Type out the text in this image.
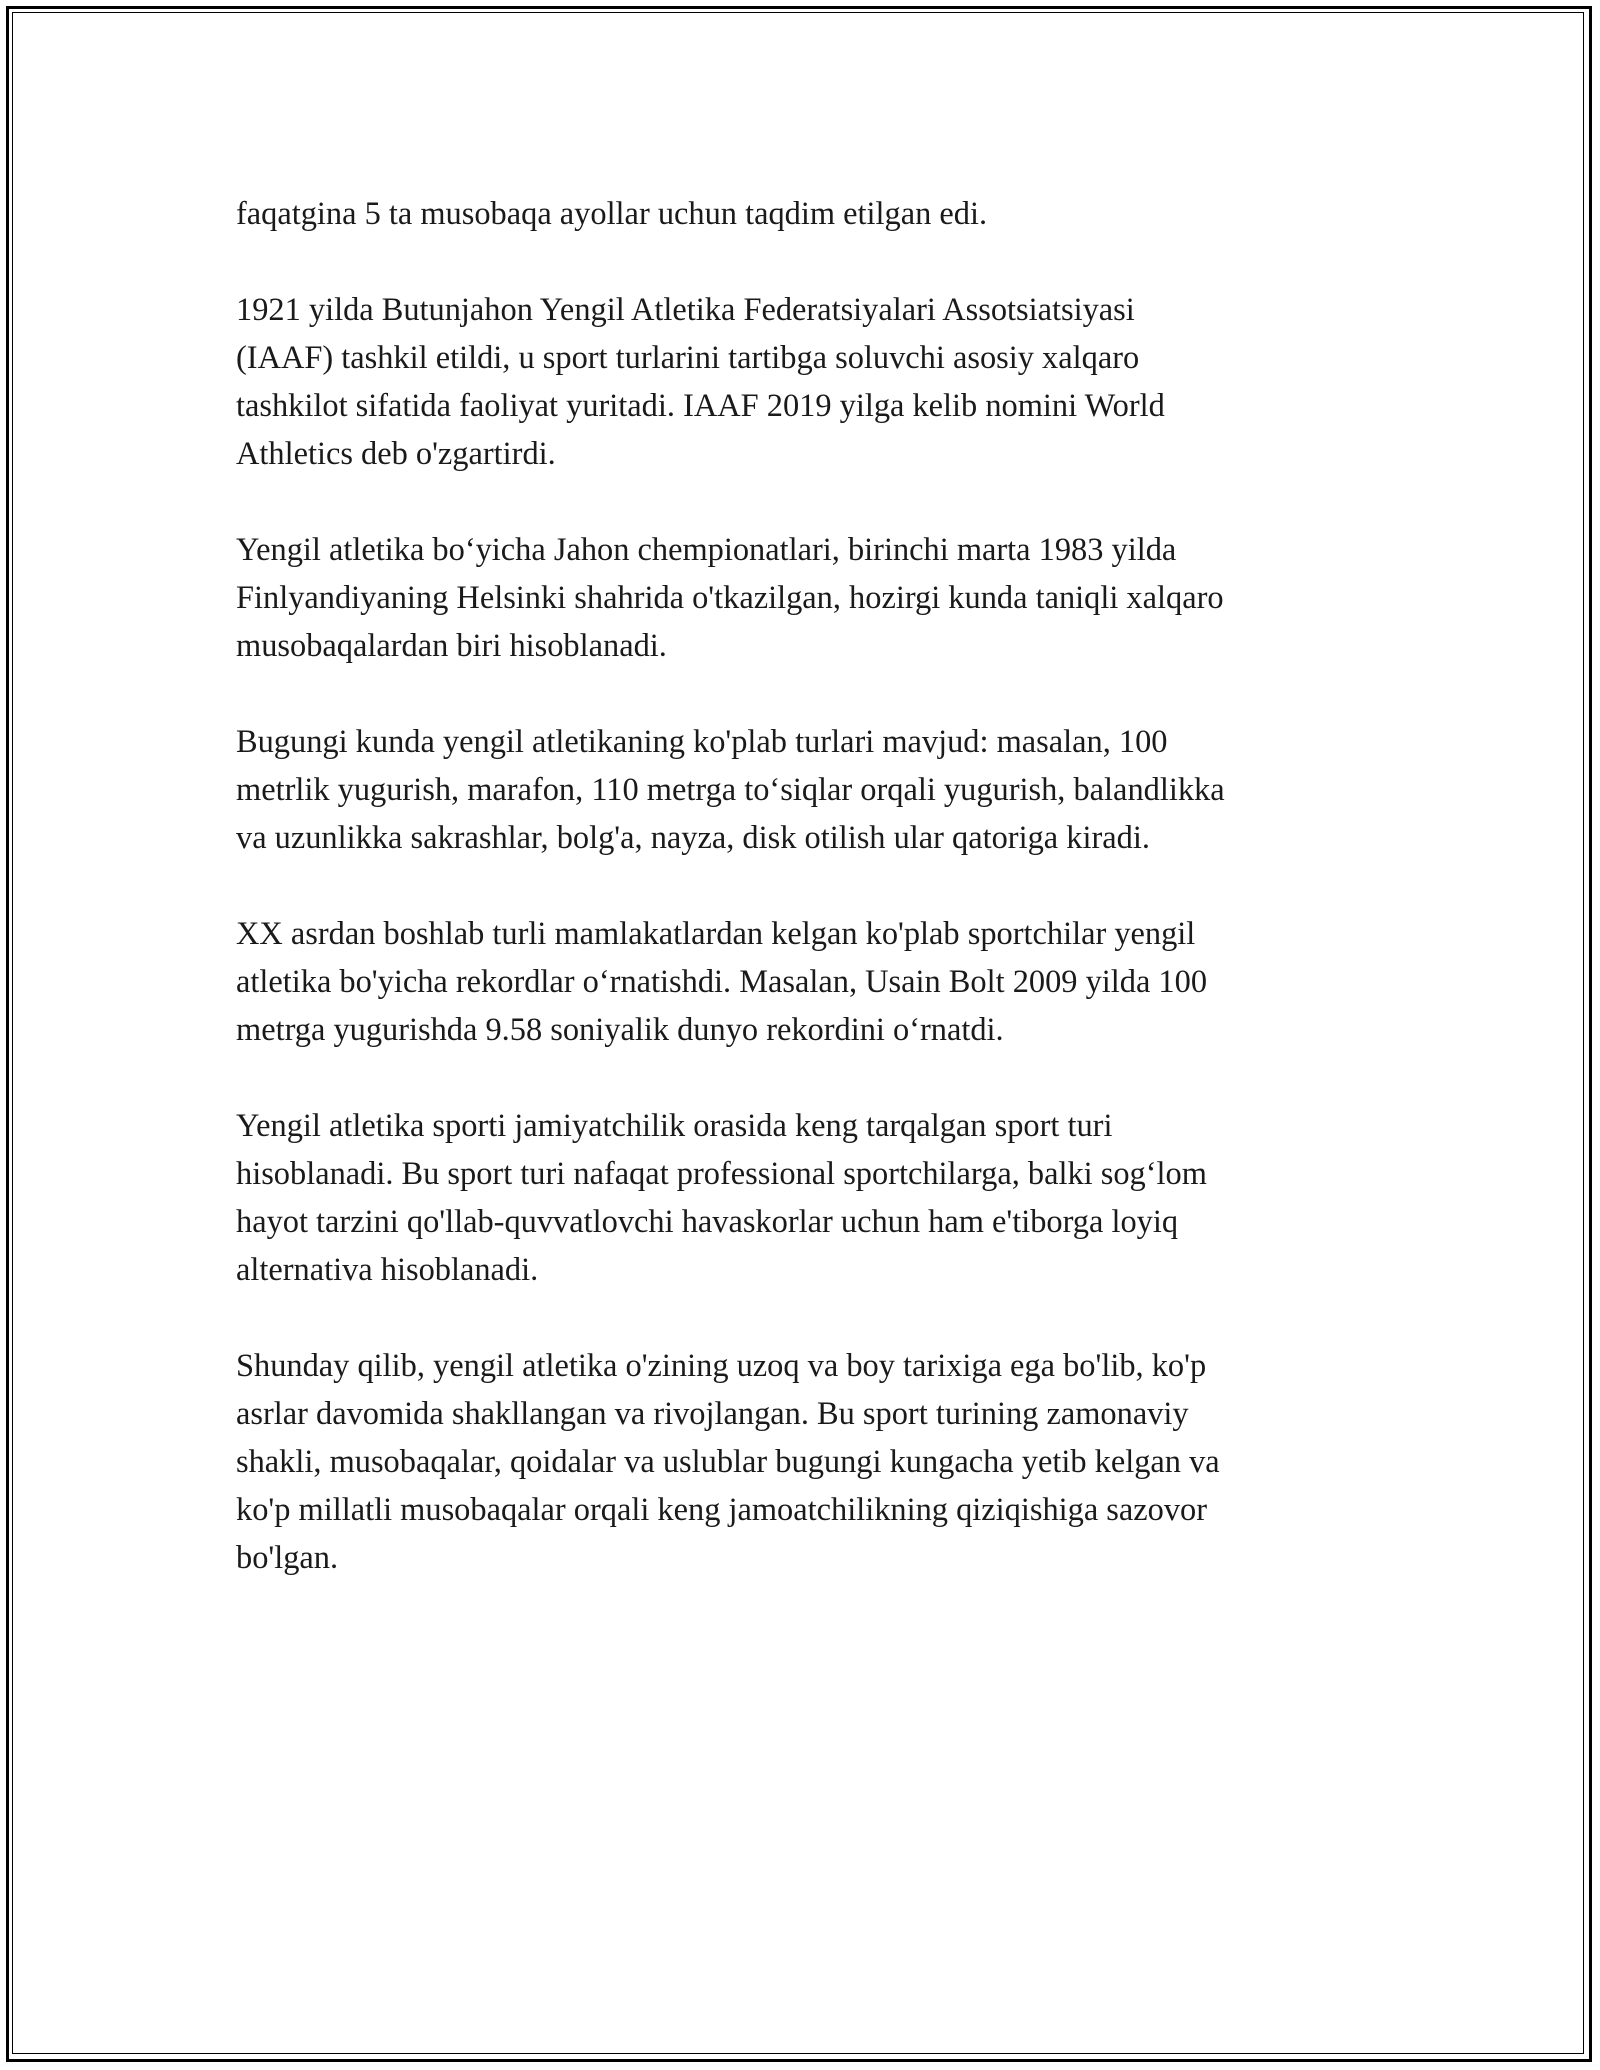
faqatgina 5 ta musobaqa ayollar uchun taqdim etilgan edi.

1921 yilda Butunjahon Yengil Atletika Federatsiyalari Assotsiatsiyasi
(IAAF) tashkil etildi, u sport turlarini tartibga soluvchi asosiy xalqaro
tashkilot sifatida faoliyat yuritadi. IAAF 2019 yilga kelib nomini World
Athletics deb o'zgartirdi.

Yengil atletika bo‘yicha Jahon chempionatlari, birinchi marta 1983 yilda
Finlyandiyaning Helsinki shahrida o'tkazilgan, hozirgi kunda taniqli xalqaro
musobaqalardan biri hisoblanadi.

Bugungi kunda yengil atletikaning ko'plab turlari mavjud: masalan, 100
metrlik yugurish, marafon, 110 metrga to‘siqlar orqali yugurish, balandlikka
va uzunlikka sakrashlar, bolg'a, nayza, disk otilish ular qatoriga kiradi.

XX asrdan boshlab turli mamlakatlardan kelgan ko'plab sportchilar yengil
atletika bo'yicha rekordlar o‘rnatishdi. Masalan, Usain Bolt 2009 yilda 100
metrga yugurishda 9.58 soniyalik dunyo rekordini o‘rnatdi.

Yengil atletika sporti jamiyatchilik orasida keng tarqalgan sport turi
hisoblanadi. Bu sport turi nafaqat professional sportchilarga, balki sog‘lom
hayot tarzini qo'llab-quvvatlovchi havaskorlar uchun ham e'tiborga loyiq
alternativa hisoblanadi.

Shunday qilib, yengil atletika o'zining uzoq va boy tarixiga ega bo'lib, ko'p
asrlar davomida shakllangan va rivojlangan. Bu sport turining zamonaviy
shakli, musobaqalar, qoidalar va uslublar bugungi kungacha yetib kelgan va
ko'p millatli musobaqalar orqali keng jamoatchilikning qiziqishiga sazovor
bo'lgan.
